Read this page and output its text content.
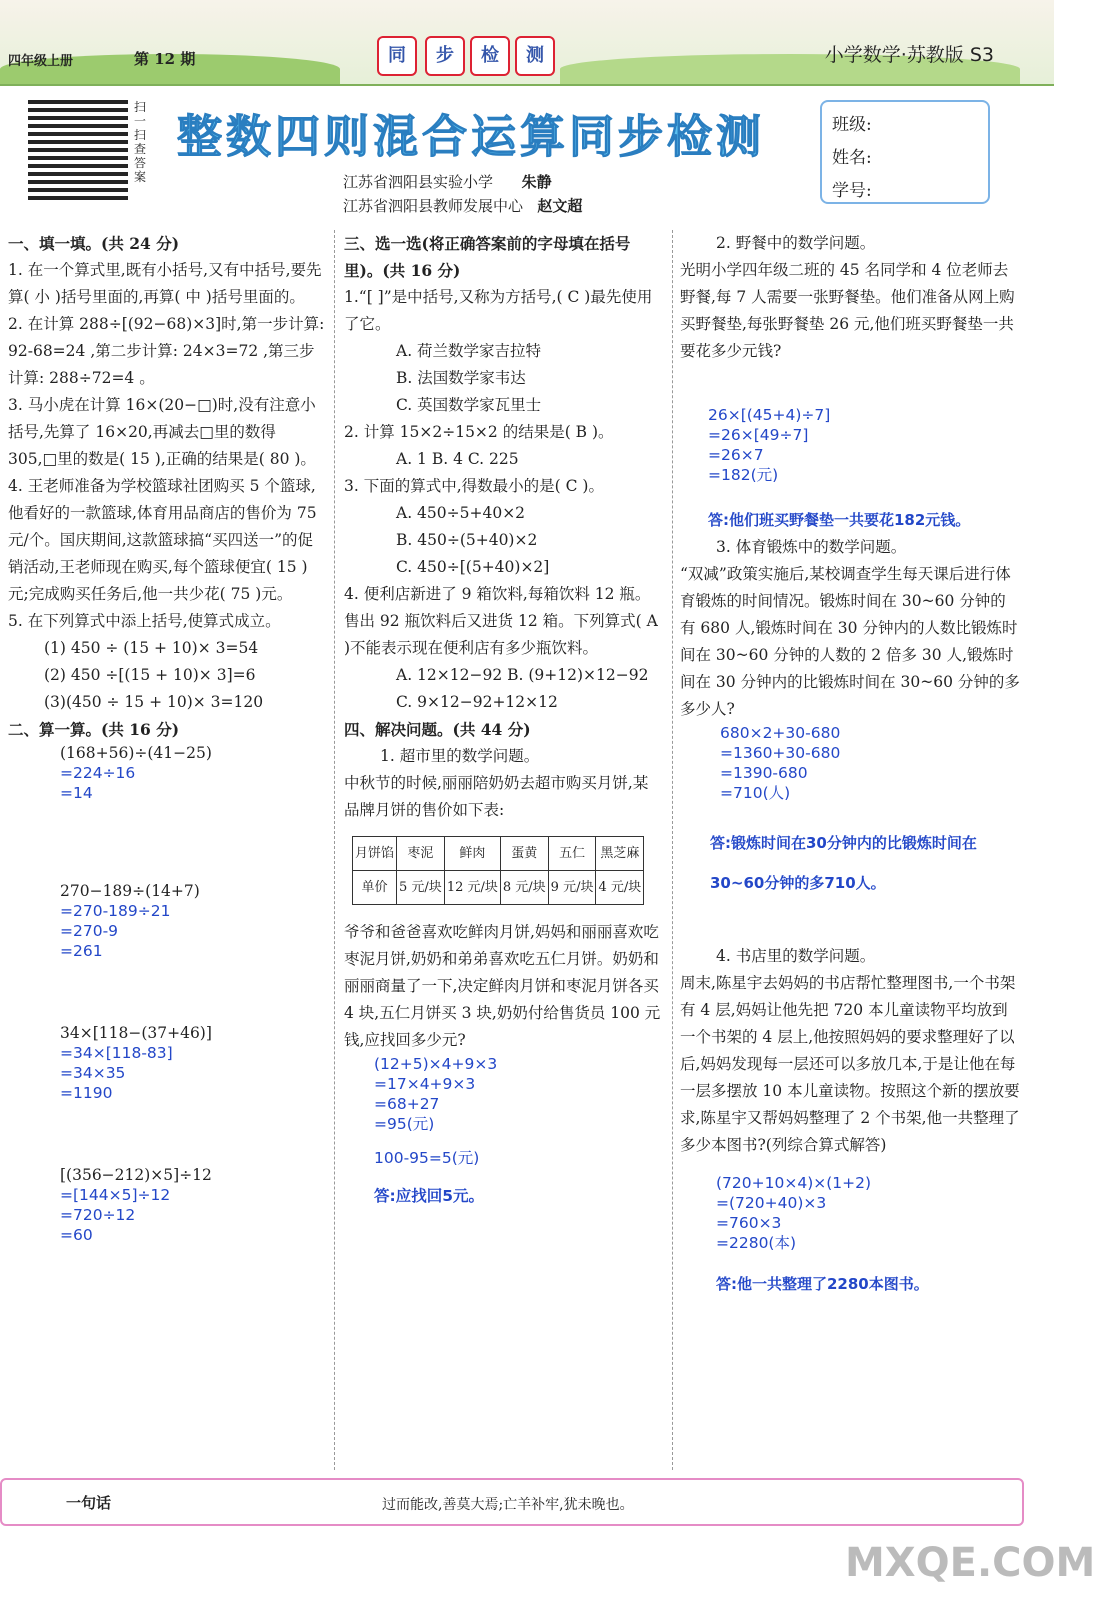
四年级上册	第 12 期	同	步	检	测	小学数学·苏教版 S3
扫一扫 查答案
整数四则混合运算同步检测
江苏省泗阳县实验小学 朱静
江苏省泗阳县教师发展中心 赵文超
班级:
姓名:
学号:
一、填一填。(共 24 分)
1. 在一个算式里,既有小括号,又有中括号,要先算( 小 )括号里面的,再算( 中 )括号里面的。
2. 在计算 288÷[(92−68)×3]时,第一步计算: 92-68=24 ,第二步计算: 24×3=72 ,第三步计算: 288÷72=4 。
3. 马小虎在计算 16×(20−□)时,没有注意小括号,先算了 16×20,再减去□里的数得 305,□里的数是( 15 ),正确的结果是( 80 )。
4. 王老师准备为学校篮球社团购买 5 个篮球,他看好的一款篮球,体育用品商店的售价为 75 元/个。国庆期间,这款篮球搞“买四送一”的促销活动,王老师现在购买,每个篮球便宜( 15 )元;完成购买任务后,他一共少花( 75 )元。
5. 在下列算式中添上括号,使算式成立。
(1) 450 ÷ (15 + 10)× 3=54
(2) 450 ÷[(15 + 10)× 3]=6
(3)(450 ÷ 15 + 10)× 3=120
二、算一算。(共 16 分)
(168+56)÷(41−25)
=224÷16
=14
270−189÷(14+7)
=270-189÷21
=270-9
=261
34×[118−(37+46)]
=34×[118-83]
=34×35
=1190
[(356−212)×5]÷12
=[144×5]÷12
=720÷12
=60
三、选一选(将正确答案前的字母填在括号里)。(共 16 分)
1.“[ ]”是中括号,又称为方括号,( C )最先使用了它。
A. 荷兰数学家吉拉特
B. 法国数学家韦达
C. 英国数学家瓦里士
2. 计算 15×2÷15×2 的结果是( B )。
A. 1 B. 4 C. 225
3. 下面的算式中,得数最小的是( C )。
A. 450÷5+40×2
B. 450÷(5+40)×2
C. 450÷[(5+40)×2]
4. 便利店新进了 9 箱饮料,每箱饮料 12 瓶。售出 92 瓶饮料后又进货 12 箱。下列算式( A )不能表示现在便利店有多少瓶饮料。
A. 12×12−92 B. (9+12)×12−92
C. 9×12−92+12×12
四、解决问题。(共 44 分)
1. 超市里的数学问题。
中秋节的时候,丽丽陪奶奶去超市购买月饼,某品牌月饼的售价如下表:
月饼馅	枣泥	鲜肉	蛋黄	五仁	黑芝麻
单价	5 元/块	12 元/块	8 元/块	9 元/块	4 元/块
爷爷和爸爸喜欢吃鲜肉月饼,妈妈和丽丽喜欢吃枣泥月饼,奶奶和弟弟喜欢吃五仁月饼。奶奶和丽丽商量了一下,决定鲜肉月饼和枣泥月饼各买 4 块,五仁月饼买 3 块,奶奶付给售货员 100 元钱,应找回多少元?
(12+5)×4+9×3
=17×4+9×3
=68+27
=95(元)
100-95=5(元)
答:应找回5元。
2. 野餐中的数学问题。
光明小学四年级二班的 45 名同学和 4 位老师去野餐,每 7 人需要一张野餐垫。他们准备从网上购买野餐垫,每张野餐垫 26 元,他们班买野餐垫一共要花多少元钱?
26×[(45+4)÷7]
=26×[49÷7]
=26×7
=182(元)
答:他们班买野餐垫一共要花182元钱。
3. 体育锻炼中的数学问题。
“双减”政策实施后,某校调查学生每天课后进行体育锻炼的时间情况。锻炼时间在 30~60 分钟的有 680 人,锻炼时间在 30 分钟内的人数比锻炼时间在 30~60 分钟的人数的 2 倍多 30 人,锻炼时间在 30 分钟内的比锻炼时间在 30~60 分钟的多多少人?
680×2+30-680
=1360+30-680
=1390-680
=710(人)
答:锻炼时间在30分钟内的比锻炼时间在30~60分钟的多710人。
4. 书店里的数学问题。
周末,陈星宇去妈妈的书店帮忙整理图书,一个书架有 4 层,妈妈让他先把 720 本儿童读物平均放到一个书架的 4 层上,他按照妈妈的要求整理好了以后,妈妈发现每一层还可以多放几本,于是让他在每一层多摆放 10 本儿童读物。按照这个新的摆放要求,陈星宇又帮妈妈整理了 2 个书架,他一共整理了多少本图书?(列综合算式解答)
(720+10×4)×(1+2)
=(720+40)×3
=760×3
=2280(本)
答:他一共整理了2280本图书。
一句话	过而能改,善莫大焉;亡羊补牢,犹未晚也。
MXQE.COM
